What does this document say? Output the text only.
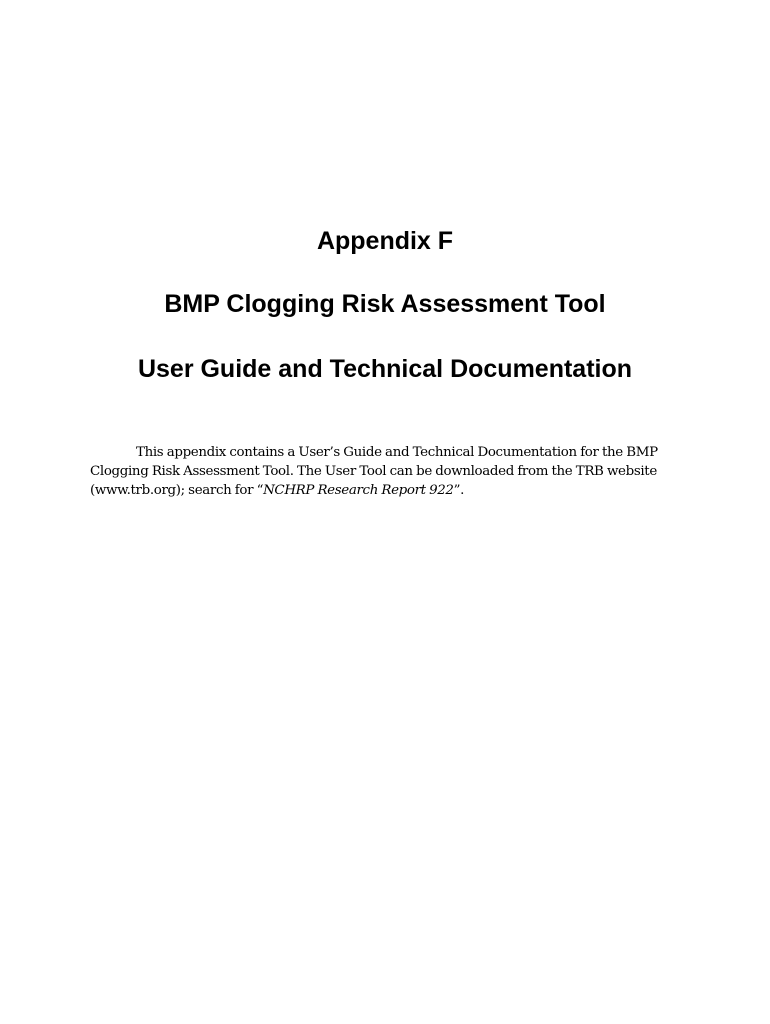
Appendix F
BMP Clogging Risk Assessment Tool
User Guide and Technical Documentation

This appendix contains a User’s Guide and Technical Documentation for the BMP Clogging Risk Assessment Tool. The User Tool can be downloaded from the TRB website (www.trb.org); search for “NCHRP Research Report 922”.
